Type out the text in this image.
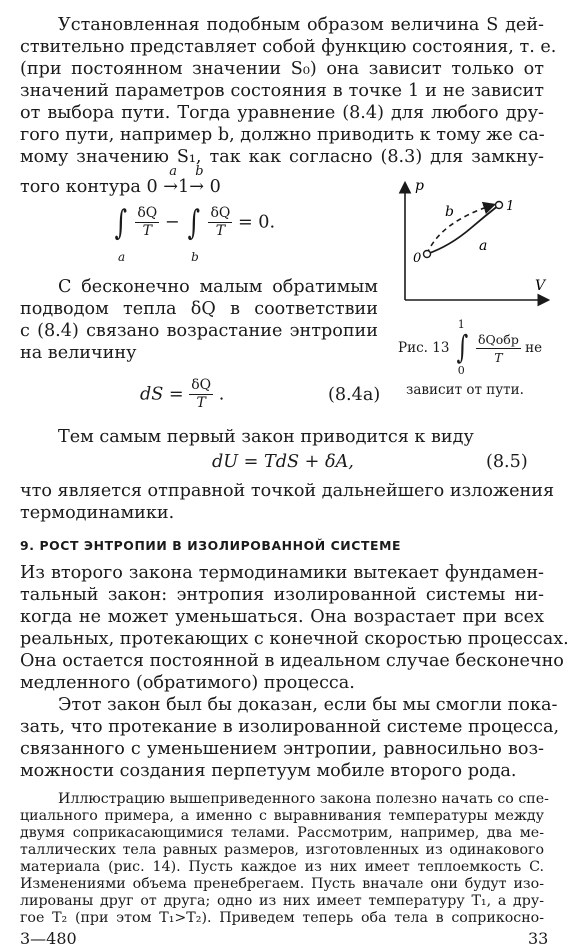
Установленная подобным образом величина S дей-
ствительно представляет собой функцию состояния, т. е.
(при постоянном значении S₀) она зависит только от
значений параметров состояния в точке 1 и не зависит
от выбора пути. Тогда уравнение (8.4) для любого дру-
гого пути, например b, должно приводить к тому же са-
мому значению S₁, так как согласно (8.3) для замкну-
того контура 0 →
a
1→
b
0
∫
a

$\frac{\delta Q}{T}$ − ∫
b

$\frac{\delta Q}{T} = 0$.
p
V
0
1
a
b
С бесконечно малым обратимым
подводом тепла δQ в соответствии
с (8.4) связано возрастание энтропии
на величину	Рис. 13
1
∫
0

$\frac{\text{δQобр}}{T}$ не
зависит от пути.
dS = $\frac{\delta Q}{T}$ .	(8.4a)
Тем самым первый закон приводится к виду
dU = TdS + δA,	(8.5)
что является отправной точкой дальнейшего изложения
термодинамики.
9. РОСТ ЭНТРОПИИ В ИЗОЛИРОВАННОЙ СИСТЕМЕ
Из второго закона термодинамики вытекает фундамен-
тальный закон: энтропия изолированной системы ни-
когда не может уменьшаться. Она возрастает при всех
реальных, протекающих с конечной скоростью процессах.
Она остается постоянной в идеальном случае бесконечно
медленного (обратимого) процесса.
Этот закон был бы доказан, если бы мы смогли пока-
зать, что протекание в изолированной системе процесса,
связанного с уменьшением энтропии, равносильно воз-
можности создания перпетуум мобиле второго рода.
Иллюстрацию вышеприведенного закона полезно начать со спе-
циального примера, а именно с выравнивания температуры между
двумя соприкасающимися телами. Рассмотрим, например, два ме-
таллических тела равных размеров, изготовленных из одинакового
материала (рис. 14). Пусть каждое из них имеет теплоемкость C.
Изменениями объема пренебрегаем. Пусть вначале они будут изо-
лированы друг от друга; одно из них имеет температуру T₁, а дру-
гое T₂ (при этом T₁>T₂). Приведем теперь оба тела в соприкосно-
3—480	33
